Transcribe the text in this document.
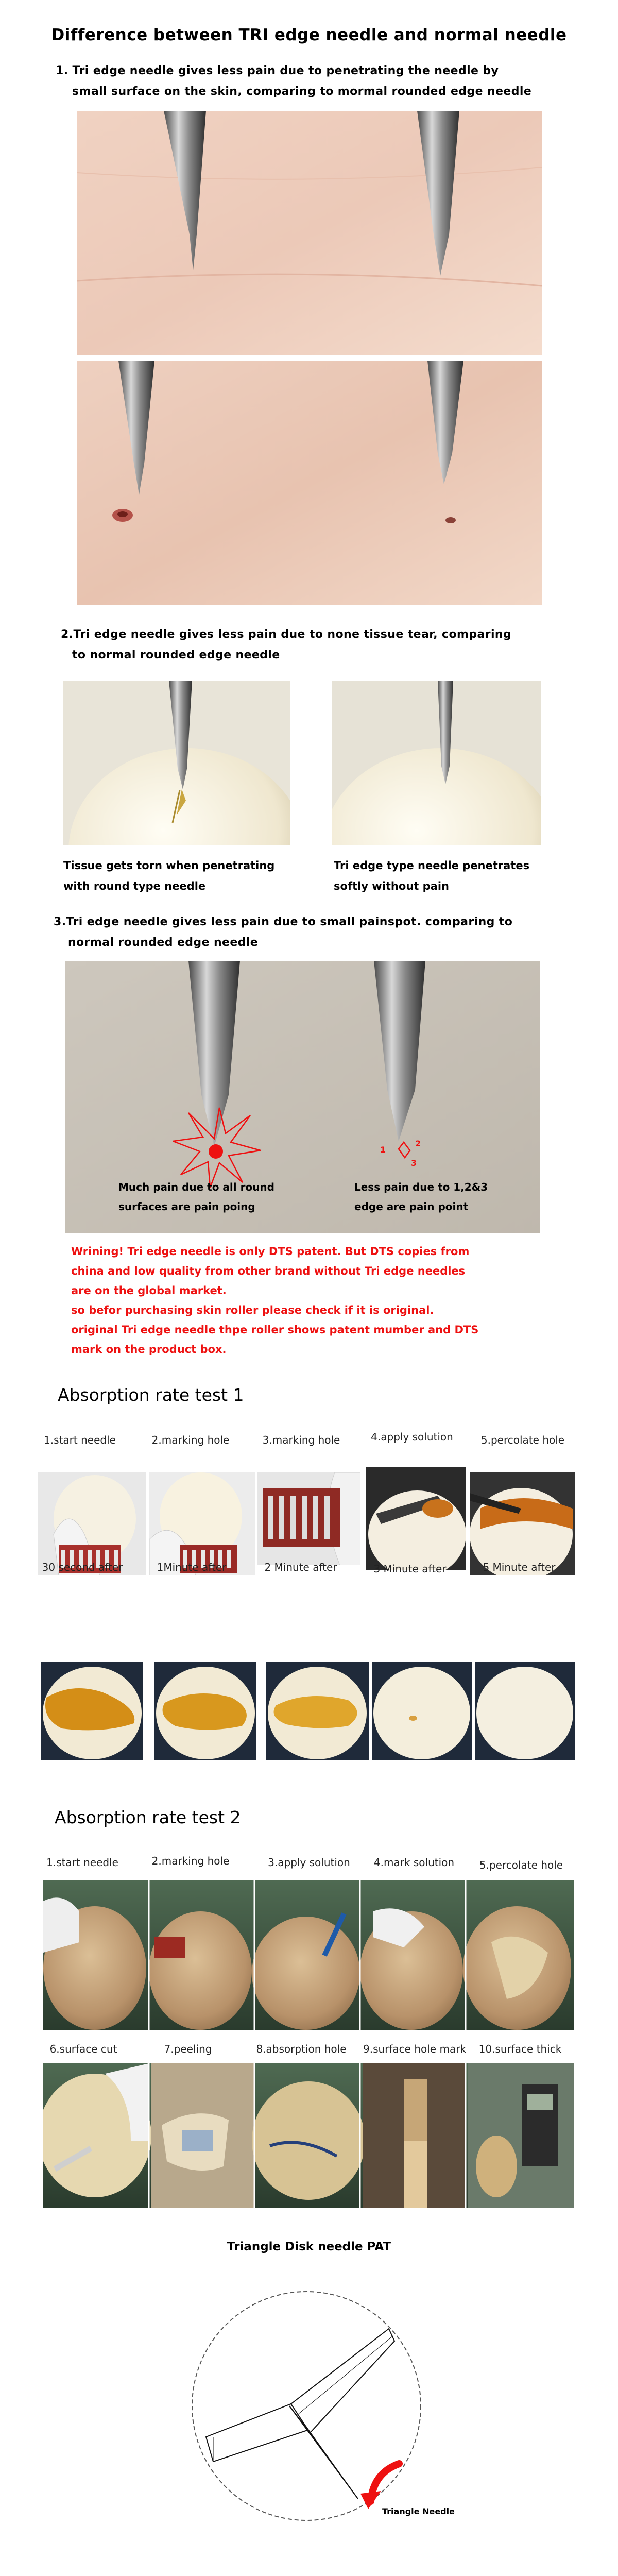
Difference between TRI edge needle and normal needle
1. Tri edge needle gives less pain due to penetrating the needle by
small surface on the skin, comparing to mormal rounded edge needle
2.Tri edge needle gives less pain due to none tissue tear, comparing
to normal rounded edge needle
Tissue gets torn when penetrating
with round type needle
Tri edge type needle penetrates
softly without pain
3.Tri edge needle gives less pain due to small painspot. comparing to
normal rounded edge needle
1
2
3
Much pain due to all round
surfaces are pain poing
Less pain due to 1,2&3
edge are pain point
Wrining! Tri edge needle is only DTS patent. But DTS copies from
china and low quality from other brand without Tri edge needles
are on the global market.
so befor purchasing skin roller please check if it is original.
original Tri edge needle thpe roller shows patent mumber and DTS
mark on the product box.
Absorption rate test 1
1.start needle	2.marking hole	3.marking hole	4.apply solution	5.percolate hole
30 second after	1Minute after	2 Minute after	3 Minute after	5 Minute after
Absorption rate test 2
1.start needle	2.marking hole	3.apply solution	4.mark solution	5.percolate hole
6.surface cut	7.peeling	8.absorption hole	9.surface hole mark	10.surface thick
Triangle Disk needle PAT
Triangle Needle
